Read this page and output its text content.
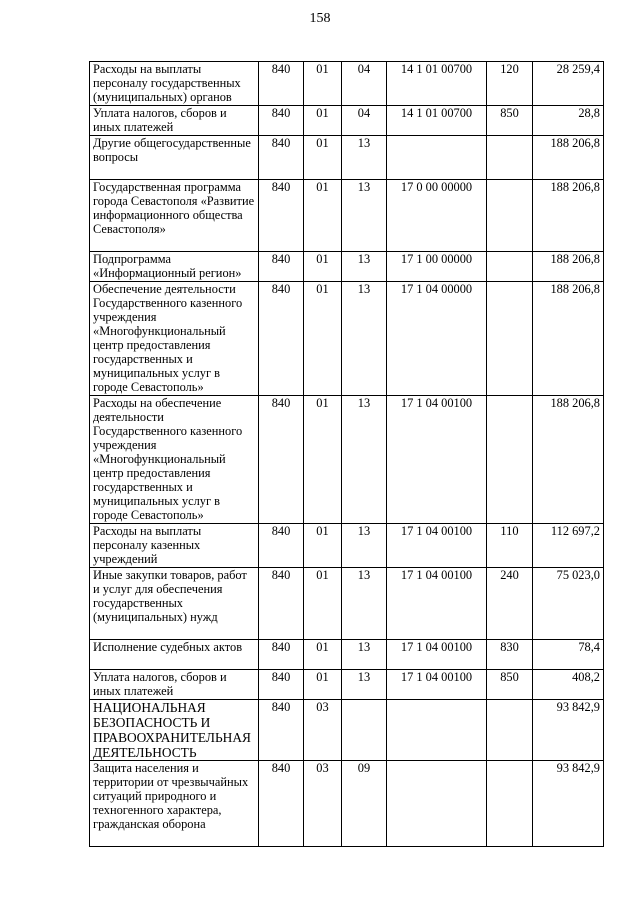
158
Расходы на выплаты персоналу государственных (муниципальных) органов	840	01	04	14 1 01 00700	120	28 259,4
Уплата налогов, сборов и иных платежей	840	01	04	14 1 01 00700	850	28,8
Другие общегосударственные вопросы	840	01	13			188 206,8
Государственная программа города Севастополя «Развитие информационного общества Севастополя»	840	01	13	17 0 00 00000		188 206,8
Подпрограмма «Информационный регион»	840	01	13	17 1 00 00000		188 206,8
Обеспечение деятельности Государственного казенного учреждения «Многофункциональный центр предоставления государственных и муниципальных услуг в городе Севастополь»	840	01	13	17 1 04 00000		188 206,8
Расходы на обеспечение деятельности Государственного казенного учреждения «Многофункциональный центр предоставления государственных и муниципальных услуг в городе Севастополь»	840	01	13	17 1 04 00100		188 206,8
Расходы на выплаты персоналу казенных учреждений	840	01	13	17 1 04 00100	110	112 697,2
Иные закупки товаров, работ и услуг для обеспечения государственных (муниципальных) нужд	840	01	13	17 1 04 00100	240	75 023,0
Исполнение судебных актов	840	01	13	17 1 04 00100	830	78,4
Уплата налогов, сборов и иных платежей	840	01	13	17 1 04 00100	850	408,2
НАЦИОНАЛЬНАЯ БЕЗОПАСНОСТЬ И ПРАВООХРАНИТЕЛЬНАЯ ДЕЯТЕЛЬНОСТЬ	840	03				93 842,9
Защита населения и территории от чрезвычайных ситуаций природного и техногенного характера, гражданская оборона	840	03	09			93 842,9
